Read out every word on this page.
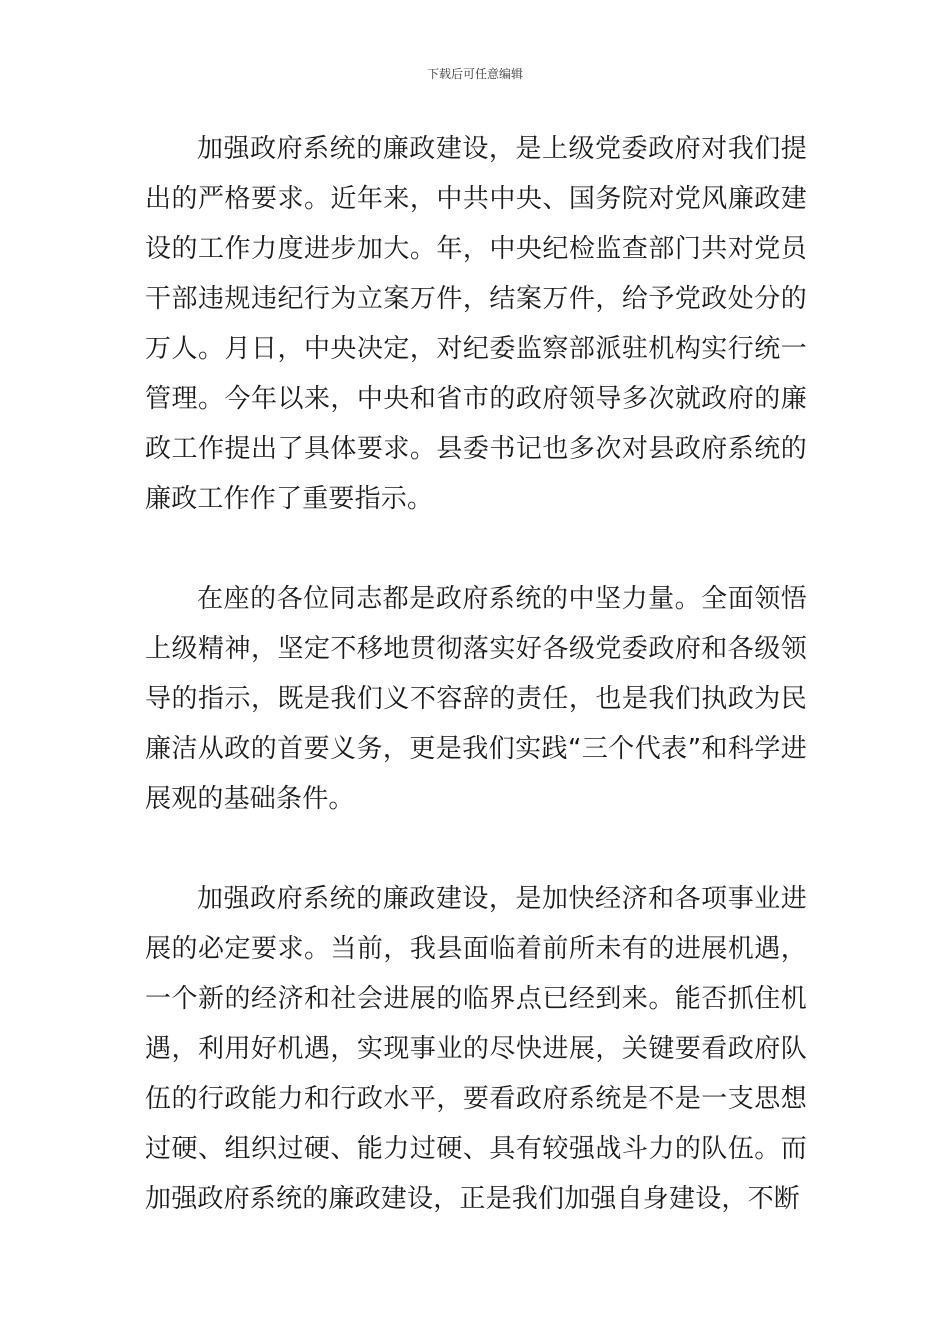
下载后可任意编辑

加强政府系统的廉政建设，是上级党委政府对我们提出的严格要求。近年来，中共中央、国务院对党风廉政建设的工作力度进步加大。年，中央纪检监查部门共对党员干部违规违纪行为立案万件，结案万件，给予党政处分的万人。月日，中央决定，对纪委监察部派驻机构实行统一管理。今年以来，中央和省市的政府领导多次就政府的廉政工作提出了具体要求。县委书记也多次对县政府系统的廉政工作作了重要指示。

在座的各位同志都是政府系统的中坚力量。全面领悟上级精神，坚定不移地贯彻落实好各级党委政府和各级领导的指示，既是我们义不容辞的责任，也是我们执政为民廉洁从政的首要义务，更是我们实践“三个代表”和科学进展观的基础条件。

加强政府系统的廉政建设，是加快经济和各项事业进展的必定要求。当前，我县面临着前所未有的进展机遇，一个新的经济和社会进展的临界点已经到来。能否抓住机遇，利用好机遇，实现事业的尽快进展，关键要看政府队伍的行政能力和行政水平，要看政府系统是不是一支思想过硬、组织过硬、能力过硬、具有较强战斗力的队伍。而加强政府系统的廉政建设，正是我们加强自身建设，不断
